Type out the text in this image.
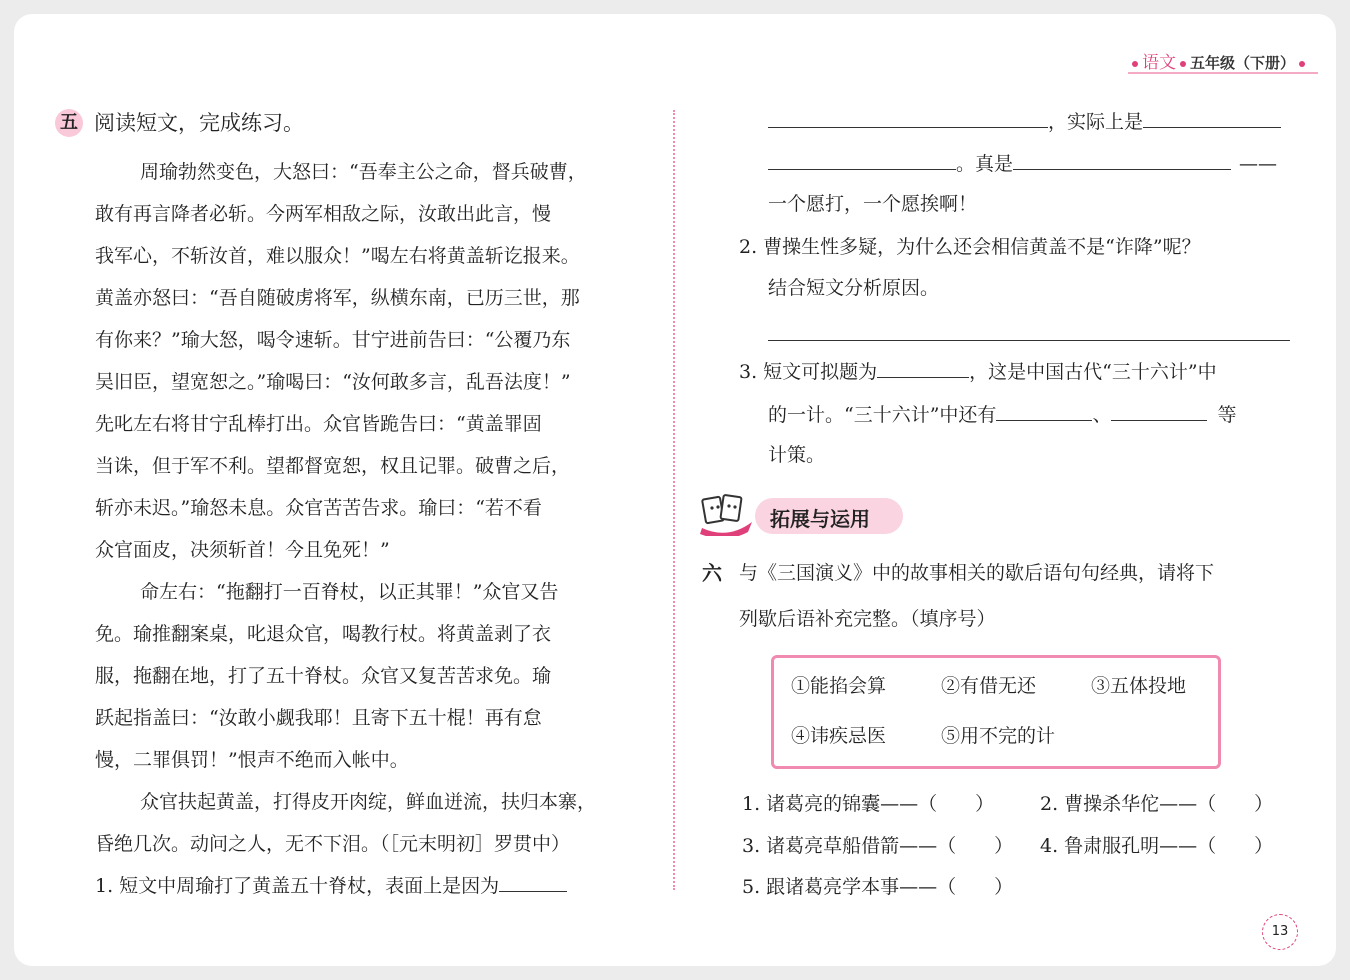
语文 五年级（下册）
五 阅读短文，完成练习。
周瑜勃然变色，大怒曰：“吾奉主公之命，督兵破曹，
敢有再言降者必斩。今两军相敌之际，汝敢出此言，慢
我军心，不斩汝首，难以服众！”喝左右将黄盖斩讫报来。
黄盖亦怒曰：“吾自随破虏将军，纵横东南，已历三世，那
有你来？”瑜大怒，喝令速斩。甘宁进前告曰：“公覆乃东
吴旧臣，望宽恕之。”瑜喝曰：“汝何敢多言，乱吾法度！”
先叱左右将甘宁乱棒打出。众官皆跪告曰：“黄盖罪固
当诛，但于军不利。望都督宽恕，权且记罪。破曹之后，
斩亦未迟。”瑜怒未息。众官苦苦告求。瑜曰：“若不看
众官面皮，决须斩首！今且免死！”
命左右：“拖翻打一百脊杖，以正其罪！”众官又告
免。瑜推翻案桌，叱退众官，喝教行杖。将黄盖剥了衣
服，拖翻在地，打了五十脊杖。众官又复苦苦求免。瑜
跃起指盖曰：“汝敢小觑我耶！且寄下五十棍！再有怠
慢，二罪俱罚！”恨声不绝而入帐中。
众官扶起黄盖，打得皮开肉绽，鲜血迸流，扶归本寨，
昏绝几次。动问之人，无不下泪。（［元末明初］罗贯中）
1. 短文中周瑜打了黄盖五十脊杖，表面上是因为
，实际上是
。真是	——
一个愿打，一个愿挨啊！
2. 曹操生性多疑，为什么还会相信黄盖不是“诈降”呢？
结合短文分析原因。
3. 短文可拟题为	，这是中国古代“三十六计”中
的一计。“三十六计”中还有	、	等
计策。
拓展与运用
六 与《三国演义》中的故事相关的歇后语句句经典，请将下
列歇后语补充完整。（填序号）
①能掐会算	②有借无还	③五体投地
④讳疾忌医	⑤用不完的计
1. 诸葛亮的锦囊——（　　） 2. 曹操杀华佗——（　　）
3. 诸葛亮草船借箭——（　　） 4. 鲁肃服孔明——（　　）
5. 跟诸葛亮学本事——（　　）
13
